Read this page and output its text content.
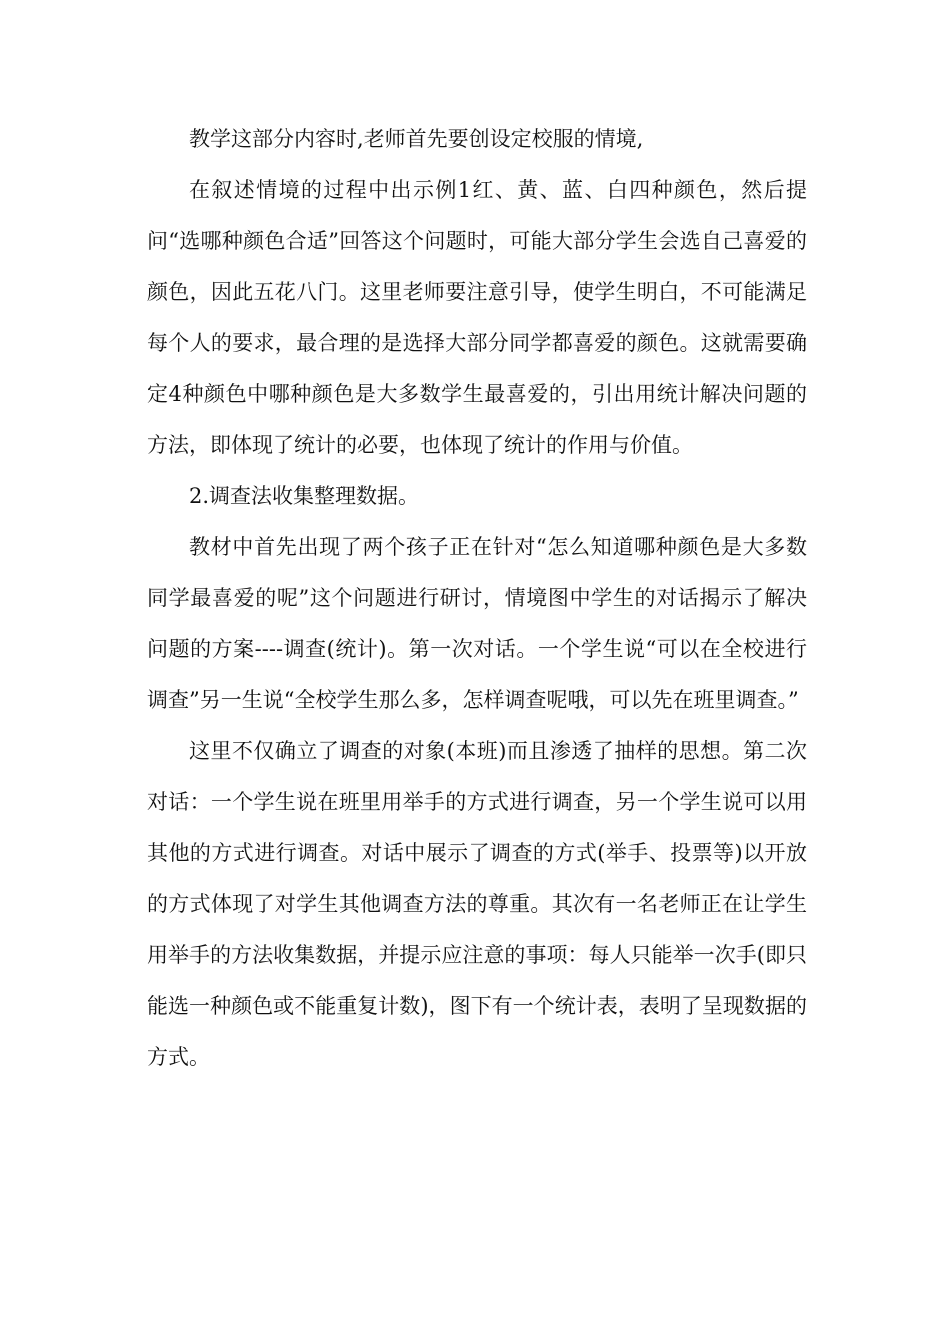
教学这部分内容时,老师首先要创设定校服的情境,

在叙述情境的过程中出示例1红、黄、蓝、白四种颜色，然后提问“选哪种颜色合适”回答这个问题时，可能大部分学生会选自己喜爱的颜色，因此五花八门。这里老师要注意引导，使学生明白，不可能满足每个人的要求，最合理的是选择大部分同学都喜爱的颜色。这就需要确定4种颜色中哪种颜色是大多数学生最喜爱的，引出用统计解决问题的方法，即体现了统计的必要，也体现了统计的作用与价值。

2.调查法收集整理数据。

教材中首先出现了两个孩子正在针对“怎么知道哪种颜色是大多数同学最喜爱的呢”这个问题进行研讨，情境图中学生的对话揭示了解决问题的方案----调查(统计)。第一次对话。一个学生说“可以在全校进行调查”另一生说“全校学生那么多，怎样调查呢哦，可以先在班里调查。”

这里不仅确立了调查的对象(本班)而且渗透了抽样的思想。第二次对话：一个学生说在班里用举手的方式进行调查，另一个学生说可以用其他的方式进行调查。对话中展示了调查的方式(举手、投票等)以开放的方式体现了对学生其他调查方法的尊重。其次有一名老师正在让学生用举手的方法收集数据，并提示应注意的事项：每人只能举一次手(即只能选一种颜色或不能重复计数)，图下有一个统计表，表明了呈现数据的方式。
